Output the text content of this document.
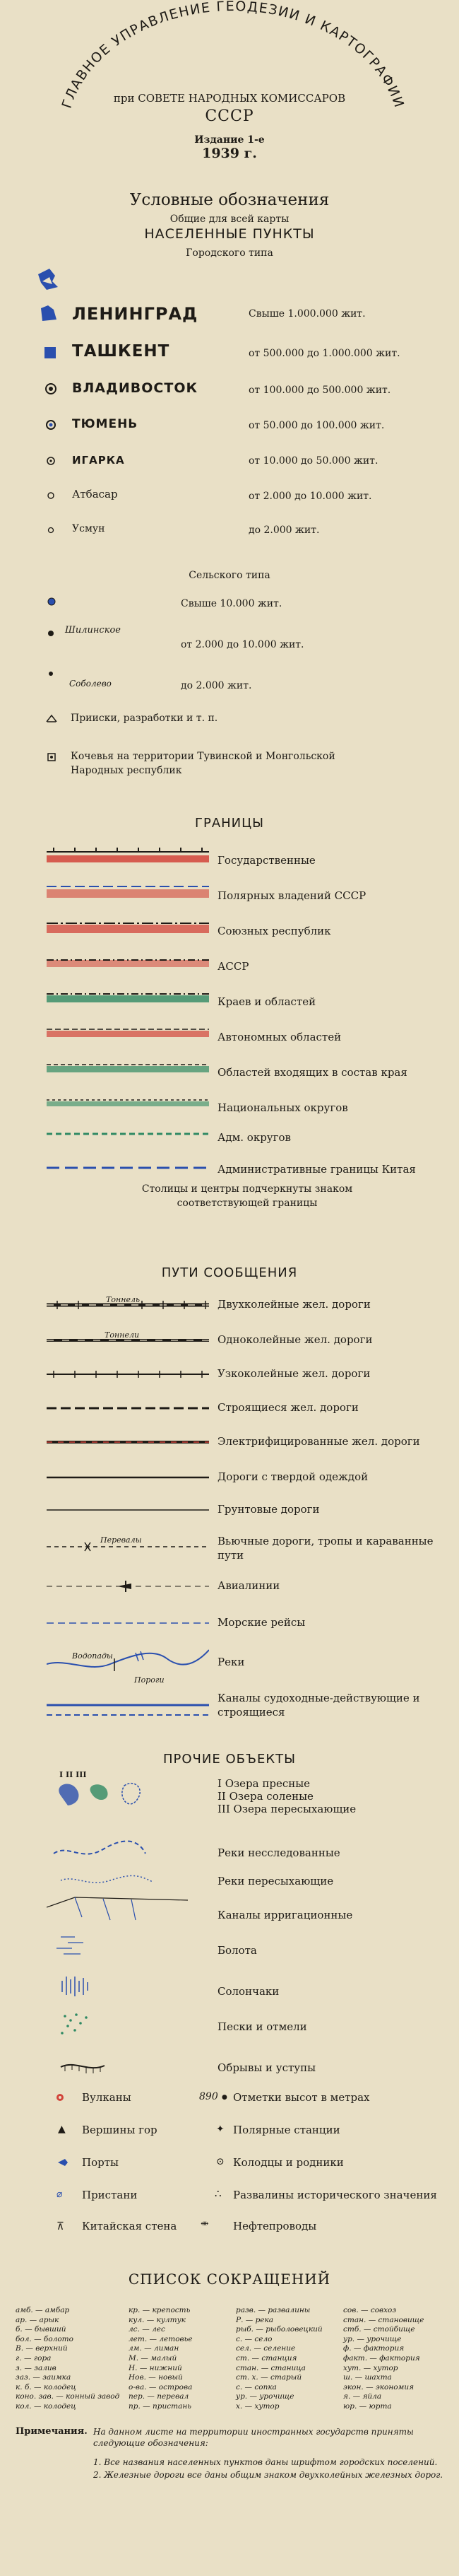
ГЛАВНОЕ УПРАВЛЕНИЕ ГЕОДЕЗИИ И КАРТОГРАФИИ
при СОВЕТЕ НАРОДНЫХ КОМИССАРОВ
СССР
Издание 1-е
1939 г.
Условные обозначения
Общие для всей карты
НАСЕЛЕННЫЕ ПУНКТЫ
Городского типа
ЛЕНИНГРАД	Свыше 1.000.000 жит.
ТАШКЕНТ	от 500.000 до 1.000.000 жит.
ВЛАДИВОСТОК	от 100.000 до 500.000 жит.
ТЮМЕНЬ	от 50.000 до 100.000 жит.
ИГАРКА	от 10.000 до 50.000 жит.
Атбасар	от 2.000 до 10.000 жит.
Усмун	до 2.000 жит.
Сельского типа
Свыше 10.000 жит.
Шилинское
от 2.000 до 10.000 жит.
Соболево	до 2.000 жит.
Прииски, разработки и т. п.
Кочевья на территории Тувинской и Монгольской Народных республик
ГРАНИЦЫ
Государственные
Полярных владений СССР
Союзных республик
АССР
Краев и областей
Автономных областей
Областей входящих в состав края
Национальных округов
Адм. округов
Административные границы Китая
Столицы и центры подчеркнуты знаком соответствующей границы
ПУТИ СООБЩЕНИЯ
Тоннель
Тоннели
Перевалы
Водопады
Пороги
Двухколейные жел. дороги
Одноколейные жел. дороги
Узкоколейные жел. дороги
Строящиеся жел. дороги
Электрифицированные жел. дороги
Дороги с твердой одеждой
Грунтовые дороги
Вьючные дороги, тропы и караванные пути
Авиалинии
Морские рейсы
Реки
Каналы судоходные-действующие и строящиеся
ПРОЧИЕ ОБЪЕКТЫ
I II III
I Озера пресные
II Озера соленые
III Озера пересыхающие
Реки несследованные
Реки пересыхающие
Каналы ирригационные
Болота
Солончаки
Пески и отмели
Обрывы и уступы
Вулканы	890 ● Отметки высот в метрах
▲ Вершины гор	✦ Полярные станции
Порты	⊙ Колодцы и родники
⌀ Пристани	∴ Развалины исторического значения
⊼ Китайская стена ⇼ Нефтепроводы
СПИСОК СОКРАЩЕНИЙ
амб. — амбар
ар. — арык
б. — бывший
бол. — болото
В. — верхний
г. — гора
з. — залив
заз. — заимка
к. б. — колодец
коно. зав. — конный завод
кол. — колодец
кр. — крепость
кул. — култук
лс. — лес
лет. — летовье
лм. — лиман
М. — малый
Н. — нижний
Нов. — новый
о-ва. — острова
пер. — перевал
пр. — пристань
разв. — развалины
Р. — река
рыб. — рыболовецкий
с. — село
сел. — селение
ст. — станция
стан. — станица
ст. х. — старый
с. — сопка
ур. — урочище
х. — хутор
сов. — совхоз
стан. — становище
стб. — стойбище
ур. — урочище
ф. — фактория
факт. — фактория
хут. — хутор
ш. — шахта
экон. — экономия
я. — яйла
юр. — юрта
Примечания. На данном листе на территории иностранных государств приняты следующие обозначения:
1. Все названия населенных пунктов даны шрифтом городских поселений.
2. Железные дороги все даны общим знаком двухколейных железных дорог.
